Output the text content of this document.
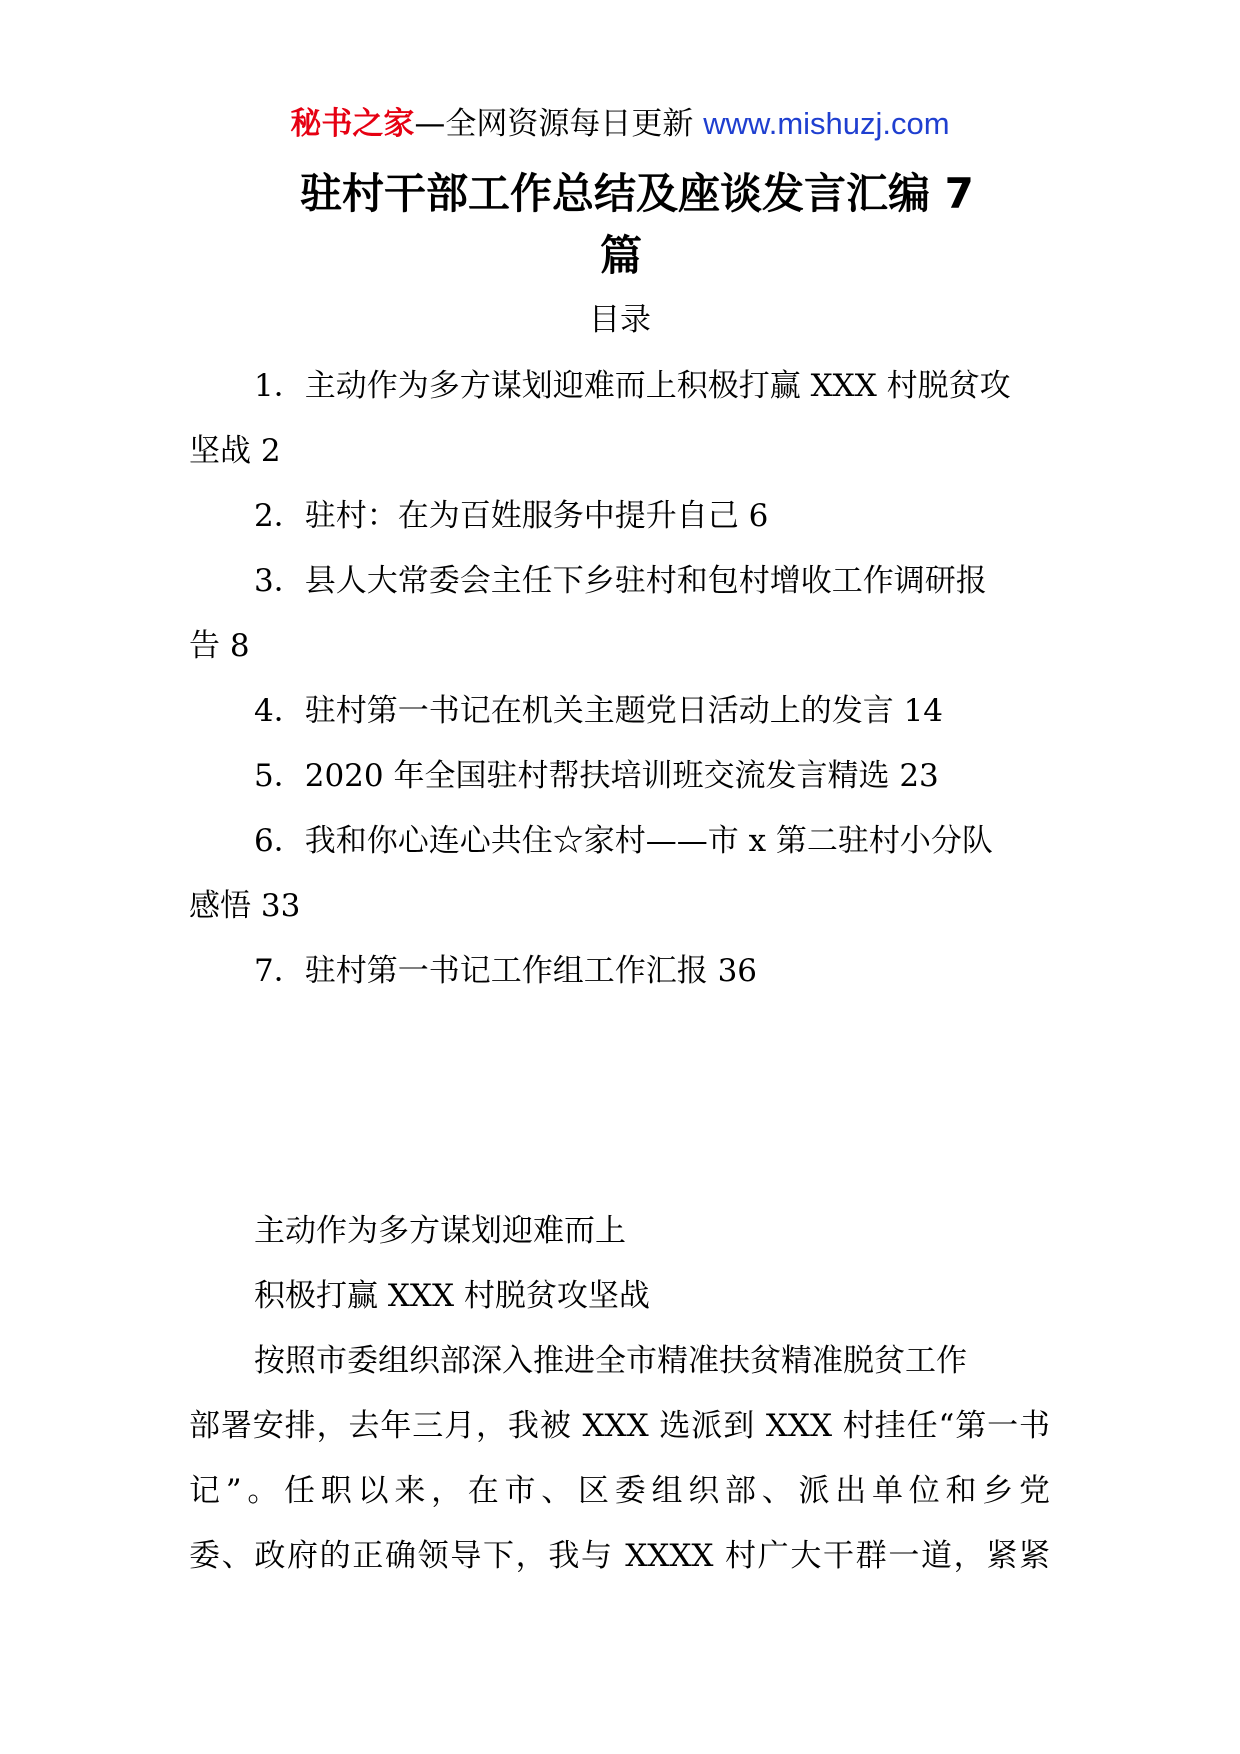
秘书之家—全网资源每日更新 www.mishuzj.com
驻村干部工作总结及座谈发言汇编 7
篇
目录
1．主动作为多方谋划迎难而上积极打赢 XXX 村脱贫攻
坚战 2
2．驻村：在为百姓服务中提升自己 6
3．县人大常委会主任下乡驻村和包村增收工作调研报
告 8
4．驻村第一书记在机关主题党日活动上的发言 14
5．2020 年全国驻村帮扶培训班交流发言精选 23
6．我和你心连心共住☆家村——市 x 第二驻村小分队
感悟 33
7．驻村第一书记工作组工作汇报 36
主动作为多方谋划迎难而上
积极打赢 XXX 村脱贫攻坚战
按照市委组织部深入推进全市精准扶贫精准脱贫工作
部署安排，去年三月，我被 XXX 选派到 XXX 村挂任“第一书
记”。任职以来，在市、区委组织部、派出单位和乡党
委、政府的正确领导下，我与 XXXX 村广大干群一道，紧紧
